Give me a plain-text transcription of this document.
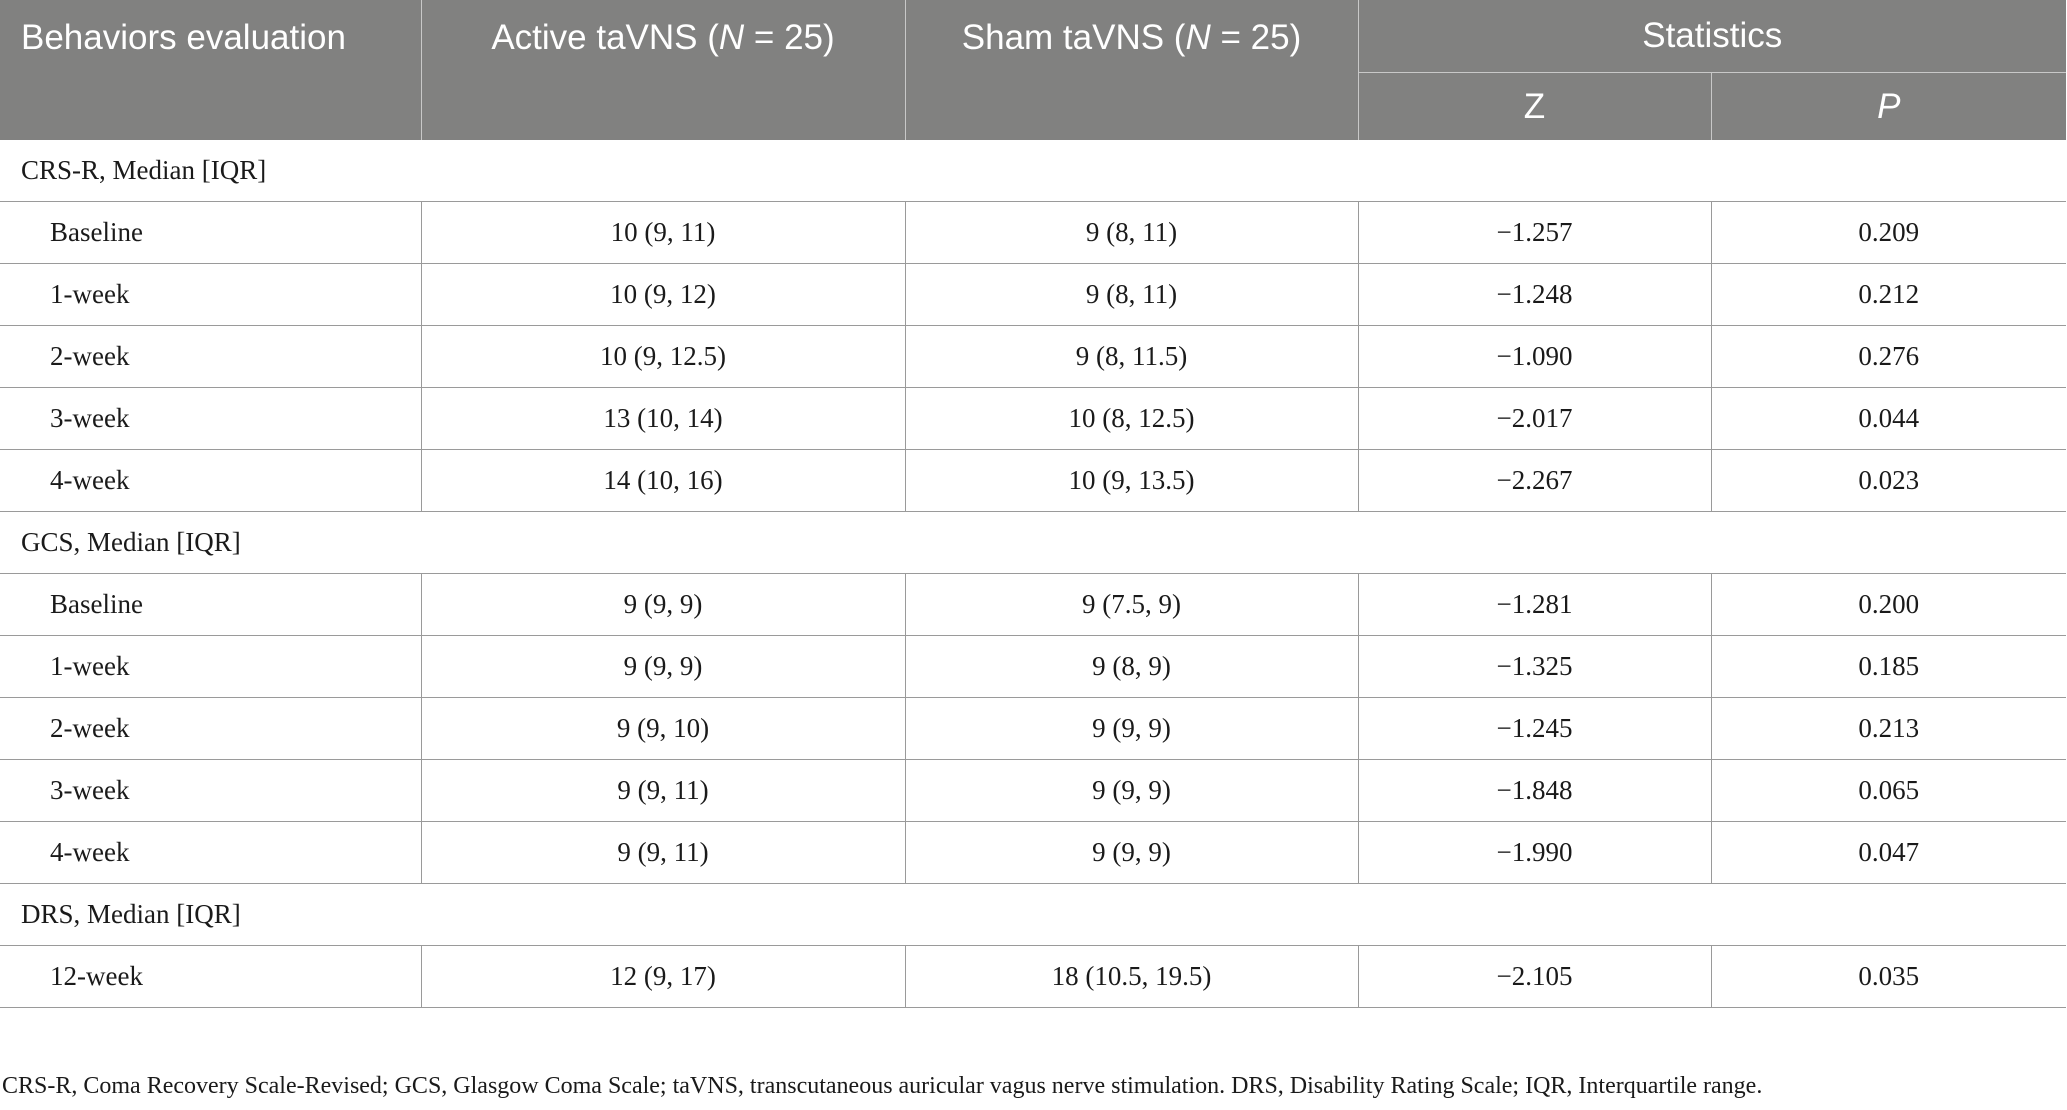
Behaviors evaluation	Active taVNS (N = 25)	Sham taVNS (N = 25)	Statistics	
			Z	P
CRS-R, Median [IQR]				
Baseline	10 (9, 11)	9 (8, 11)	−1.257	0.209
1-week	10 (9, 12)	9 (8, 11)	−1.248	0.212
2-week	10 (9, 12.5)	9 (8, 11.5)	−1.090	0.276
3-week	13 (10, 14)	10 (8, 12.5)	−2.017	0.044
4-week	14 (10, 16)	10 (9, 13.5)	−2.267	0.023
GCS, Median [IQR]				
Baseline	9 (9, 9)	9 (7.5, 9)	−1.281	0.200
1-week	9 (9, 9)	9 (8, 9)	−1.325	0.185
2-week	9 (9, 10)	9 (9, 9)	−1.245	0.213
3-week	9 (9, 11)	9 (9, 9)	−1.848	0.065
4-week	9 (9, 11)	9 (9, 9)	−1.990	0.047
DRS, Median [IQR]				
12-week	12 (9, 17)	18 (10.5, 19.5)	−2.105	0.035
CRS-R, Coma Recovery Scale-Revised; GCS, Glasgow Coma Scale; taVNS, transcutaneous auricular vagus nerve stimulation. DRS, Disability Rating Scale; IQR, Interquartile range.
